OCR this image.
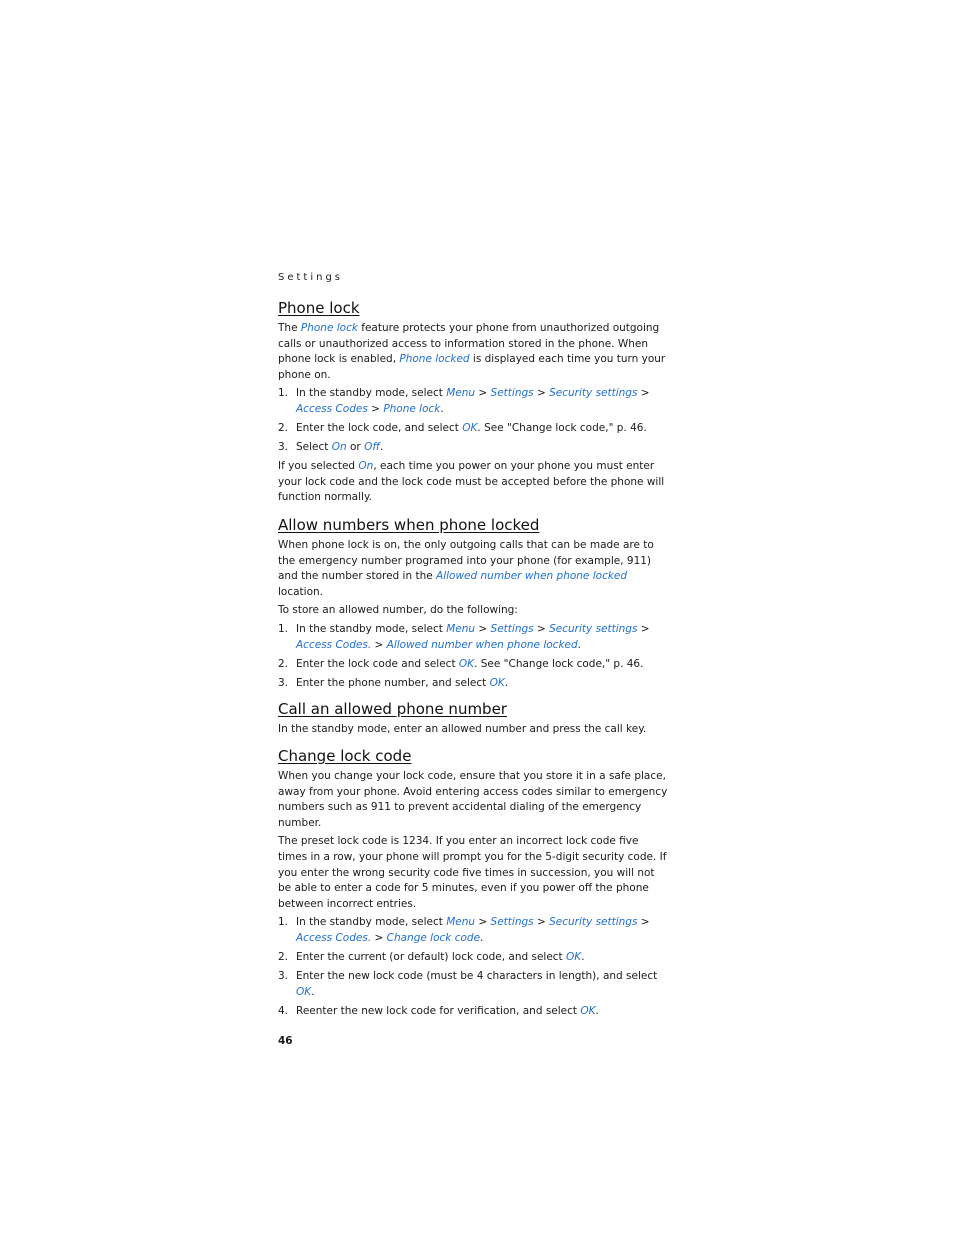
Settings
Phone lock

The Phone lock feature protects your phone from unauthorized outgoing calls or unauthorized access to information stored in the phone. When phone lock is enabled, Phone locked is displayed each time you turn your phone on.

1. In the standby mode, select Menu > Settings > Security settings >
Access Codes > Phone lock.
2. Enter the lock code, and select OK. See "Change lock code," p. 46.
3. Select On or Off.

If you selected On, each time you power on your phone you must enter your lock code and the lock code must be accepted before the phone will function normally.

Allow numbers when phone locked

When phone lock is on, the only outgoing calls that can be made are to the emergency number programed into your phone (for example, 911) and the number stored in the Allowed number when phone locked location.

To store an allowed number, do the following:

1. In the standby mode, select Menu > Settings > Security settings >
Access Codes. > Allowed number when phone locked.
2. Enter the lock code and select OK. See "Change lock code," p. 46.
3. Enter the phone number, and select OK.
Call an allowed phone number

In the standby mode, enter an allowed number and press the call key.

Change lock code

When you change your lock code, ensure that you store it in a safe place, away from your phone. Avoid entering access codes similar to emergency numbers such as 911 to prevent accidental dialing of the emergency number.

The preset lock code is 1234. If you enter an incorrect lock code five times in a row, your phone will prompt you for the 5-digit security code. If you enter the wrong security code five times in succession, you will not be able to enter a code for 5 minutes, even if you power off the phone between incorrect entries.

1. In the standby mode, select Menu > Settings > Security settings >
Access Codes. > Change lock code.
2. Enter the current (or default) lock code, and select OK.
3. Enter the new lock code (must be 4 characters in length), and select OK.
4. Reenter the new lock code for verification, and select OK.
46
